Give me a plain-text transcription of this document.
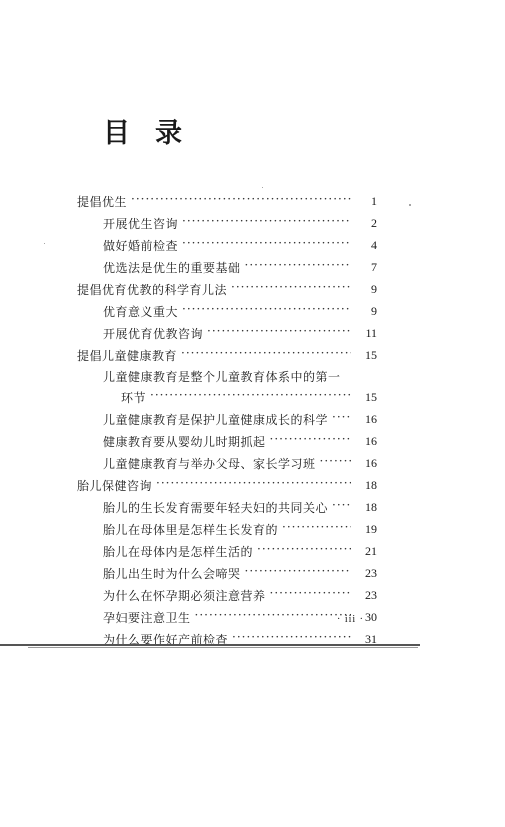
目 录
提倡优生 ·····	1
开展优生咨询 ·····	2
做好婚前检查 ·····	4
优选法是优生的重要基础 ·····	7
提倡优育优教的科学育儿法 ·····	9
优育意义重大 ·····	9
开展优育优教咨询 ·····	11
提倡儿童健康教育 ·····	15
儿童健康教育是整个儿童教育体系中的第一
环节 ·····	15
儿童健康教育是保护儿童健康成长的科学 ·····	16
健康教育要从婴幼儿时期抓起 ·····	16
儿童健康教育与举办父母、家长学习班 ·····	16
胎儿保健咨询 ·····	18
胎儿的生长发育需要年轻夫妇的共同关心 ·····	18
胎儿在母体里是怎样生长发育的 ·····	19
胎儿在母体内是怎样生活的 ·····	21
胎儿出生时为什么会啼哭 ·····	23
为什么在怀孕期必须注意营养 ·····	23
孕妇要注意卫生 ·····	30
为什么要作好产前检查 ·····	31
· iii ·
